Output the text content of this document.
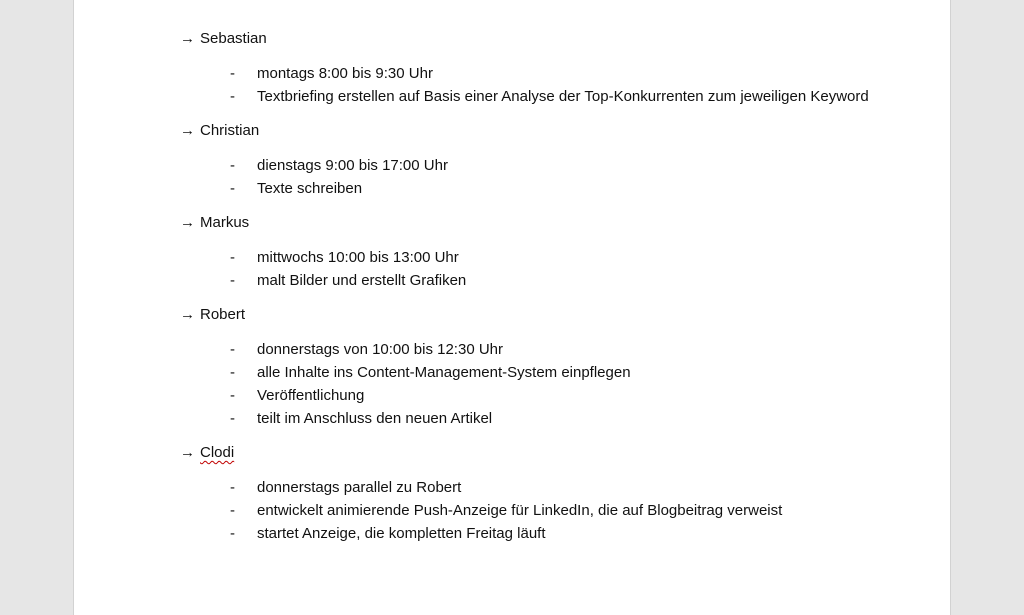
→ Sebastian
- montags 8:00 bis 9:30 Uhr
- Textbriefing erstellen auf Basis einer Analyse der Top-Konkurrenten zum jeweiligen Keyword
→ Christian
- dienstags 9:00 bis 17:00 Uhr
- Texte schreiben
→ Markus
- mittwochs 10:00 bis 13:00 Uhr
- malt Bilder und erstellt Grafiken
→ Robert
- donnerstags von 10:00 bis 12:30 Uhr
- alle Inhalte ins Content-Management-System einpflegen
- Veröffentlichung
- teilt im Anschluss den neuen Artikel
→ Clodi
- donnerstags parallel zu Robert
- entwickelt animierende Push-Anzeige für LinkedIn, die auf Blogbeitrag verweist
- startet Anzeige, die kompletten Freitag läuft
